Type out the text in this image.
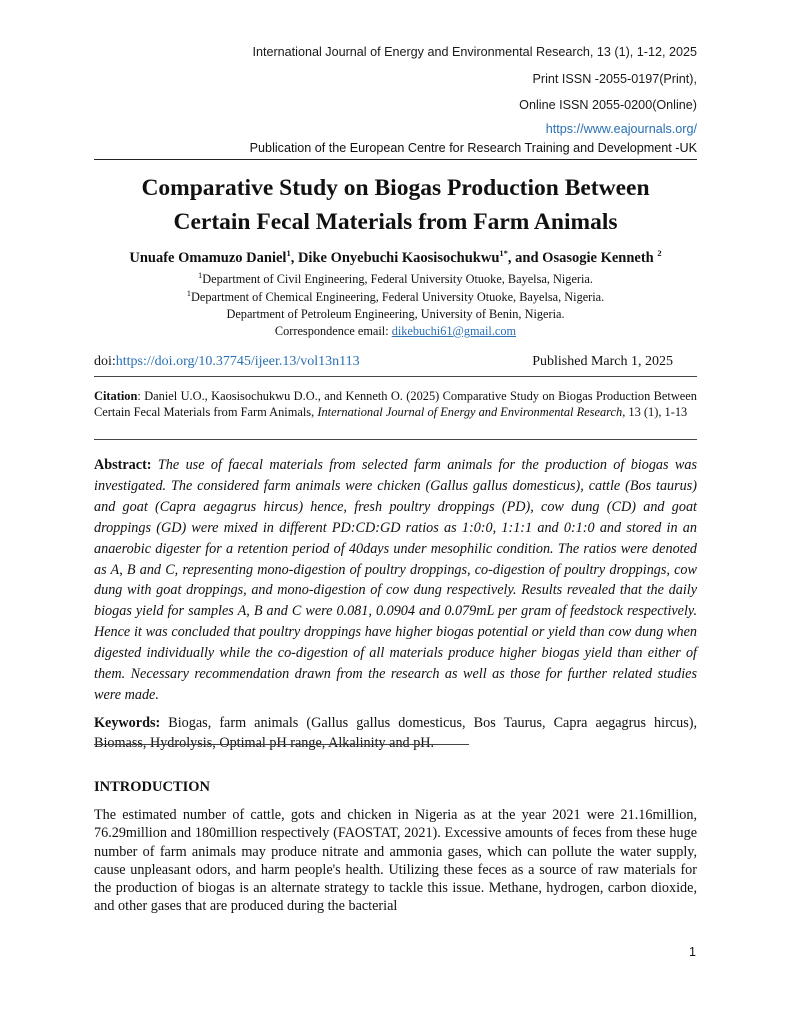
International Journal of Energy and Environmental Research, 13 (1), 1-12, 2025
Print ISSN -2055-0197(Print),
Online ISSN 2055-0200(Online)
https://www.eajournals.org/
Publication of the European Centre for Research Training and Development -UK
Comparative Study on Biogas Production Between
Certain Fecal Materials from Farm Animals
Unuafe Omamuzo Daniel$^1$, Dike Onyebuchi Kaosisochukwu$^{1*}$, and Osasogie Kenneth $^2$
$^1$Department of Civil Engineering, Federal University Otuoke, Bayelsa, Nigeria.
$^1$Department of Chemical Engineering, Federal University Otuoke, Bayelsa, Nigeria.
Department of Petroleum Engineering, University of Benin, Nigeria.
Correspondence email: dikebuchi61@gmail.com
doi:https://doi.org/10.37745/ijeer.13/vol13n113	Published March 1, 2025
Citation: Daniel U.O., Kaosisochukwu D.O., and Kenneth O. (2025) Comparative Study on Biogas Production Between Certain Fecal Materials from Farm Animals, International Journal of Energy and Environmental Research, 13 (1), 1-13
Abstract: The use of faecal materials from selected farm animals for the production of biogas was investigated. The considered farm animals were chicken (Gallus gallus domesticus), cattle (Bos taurus) and goat (Capra aegagrus hircus) hence, fresh poultry droppings (PD), cow dung (CD) and goat droppings (GD) were mixed in different PD:CD:GD ratios as 1:0:0, 1:1:1 and 0:1:0 and stored in an anaerobic digester for a retention period of 40days under mesophilic condition. The ratios were denoted as A, B and C, representing mono-digestion of poultry droppings, co-digestion of poultry droppings, cow dung with goat droppings, and mono-digestion of cow dung respectively. Results revealed that the daily biogas yield for samples A, B and C were 0.081, 0.0904 and 0.079mL per gram of feedstock respectively. Hence it was concluded that poultry droppings have higher biogas potential or yield than cow dung when digested individually while the co-digestion of all materials produce higher biogas yield than either of them. Necessary recommendation drawn from the research as well as those for further related studies were made.
Keywords: Biogas, farm animals (Gallus gallus domesticus, Bos Taurus, Capra aegagrus hircus), Biomass, Hydrolysis, Optimal pH range, Alkalinity and pH.
INTRODUCTION
The estimated number of cattle, gots and chicken in Nigeria as at the year 2021 were 21.16million, 76.29million and 180million respectively (FAOSTAT, 2021). Excessive amounts of feces from these huge number of farm animals may produce nitrate and ammonia gases, which can pollute the water supply, cause unpleasant odors, and harm people's health. Utilizing these feces as a source of raw materials for the production of biogas is an alternate strategy to tackle this issue. Methane, hydrogen, carbon dioxide, and other gases that are produced during the bacterial
1
